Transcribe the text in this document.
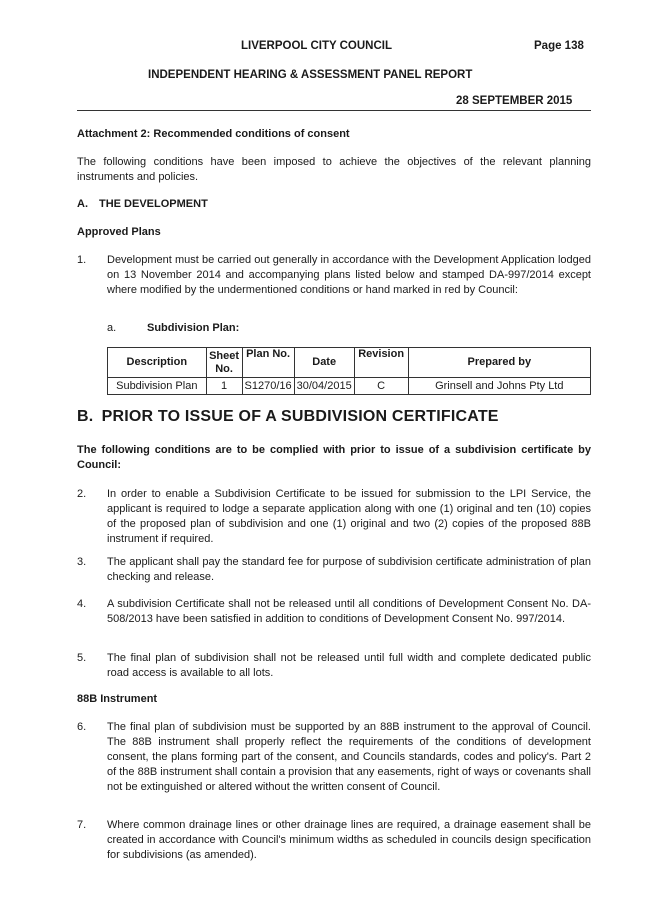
LIVERPOOL CITY COUNCIL	Page 138
INDEPENDENT HEARING & ASSESSMENT PANEL REPORT
28 SEPTEMBER 2015
Attachment 2: Recommended conditions of consent
The following conditions have been imposed to achieve the objectives of the relevant planning instruments and policies.
A. THE DEVELOPMENT
Approved Plans
1.	Development must be carried out generally in accordance with the Development Application lodged on 13 November 2014 and accompanying plans listed below and stamped DA-997/2014 except where modified by the undermentioned conditions or hand marked in red by Council:
a.	Subdivision Plan:
Description	Sheet No.	Plan No.	Date	Revision	Prepared by
Subdivision Plan	1	S1270/16	30/04/2015	C	Grinsell and Johns Pty Ltd
B. PRIOR TO ISSUE OF A SUBDIVISION CERTIFICATE
The following conditions are to be complied with prior to issue of a subdivision certificate by Council:
2.	In order to enable a Subdivision Certificate to be issued for submission to the LPI Service, the applicant is required to lodge a separate application along with one (1) original and ten (10) copies of the proposed plan of subdivision and one (1) original and two (2) copies of the proposed 88B instrument if required.
3.	The applicant shall pay the standard fee for purpose of subdivision certificate administration of plan checking and release.
4.	A subdivision Certificate shall not be released until all conditions of Development Consent No. DA-508/2013 have been satisfied in addition to conditions of Development Consent No. 997/2014.
5.	The final plan of subdivision shall not be released until full width and complete dedicated public road access is available to all lots.
88B Instrument
6.	The final plan of subdivision must be supported by an 88B instrument to the approval of Council. The 88B instrument shall properly reflect the requirements of the conditions of development consent, the plans forming part of the consent, and Councils standards, codes and policy's. Part 2 of the 88B instrument shall contain a provision that any easements, right of ways or covenants shall not be extinguished or altered without the written consent of Council.
7.	Where common drainage lines or other drainage lines are required, a drainage easement shall be created in accordance with Council's minimum widths as scheduled in councils design specification for subdivisions (as amended).
